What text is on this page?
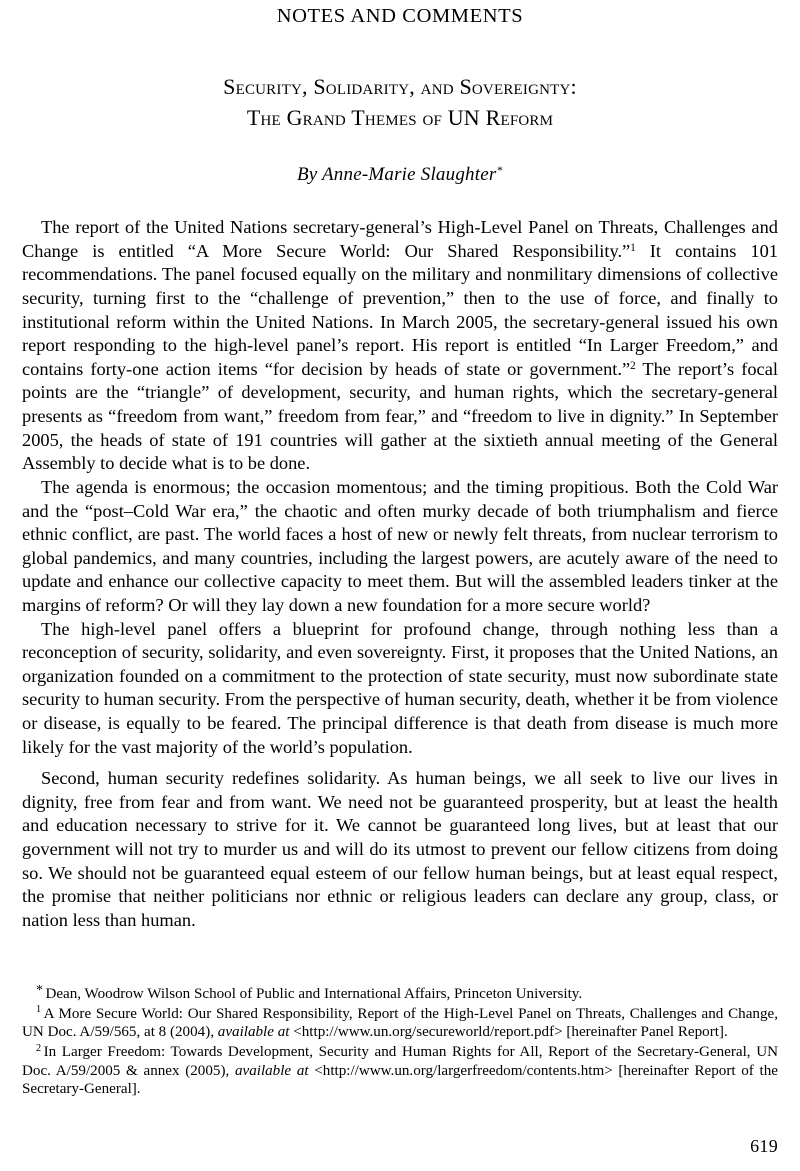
NOTES AND COMMENTS
Security, Solidarity, and Sovereignty:
The Grand Themes of UN Reform
By Anne-Marie Slaughter*

The report of the United Nations secretary-general’s High-Level Panel on Threats, Challenges and Change is entitled “A More Secure World: Our Shared Responsibility.”$^1$ It contains 101 recommendations. The panel focused equally on the military and nonmilitary dimensions of collective security, turning first to the “challenge of prevention,” then to the use of force, and finally to institutional reform within the United Nations. In March 2005, the secretary-general issued his own report responding to the high-level panel’s report. His report is entitled “In Larger Freedom,” and contains forty-one action items “for decision by heads of state or government.”$^2$ The report’s focal points are the “triangle” of development, security, and human rights, which the secretary-general presents as “freedom from want,” freedom from fear,” and “freedom to live in dignity.” In September 2005, the heads of state of 191 countries will gather at the sixtieth annual meeting of the General Assembly to decide what is to be done.

The agenda is enormous; the occasion momentous; and the timing propitious. Both the Cold War and the “post–Cold War era,” the chaotic and often murky decade of both triumphalism and fierce ethnic conflict, are past. The world faces a host of new or newly felt threats, from nuclear terrorism to global pandemics, and many countries, including the largest powers, are acutely aware of the need to update and enhance our collective capacity to meet them. But will the assembled leaders tinker at the margins of reform? Or will they lay down a new foundation for a more secure world?

The high-level panel offers a blueprint for profound change, through nothing less than a reconception of security, solidarity, and even sovereignty. First, it proposes that the United Nations, an organization founded on a commitment to the protection of state security, must now subordinate state security to human security. From the perspective of human security, death, whether it be from violence or disease, is equally to be feared. The principal difference is that death from disease is much more likely for the vast majority of the world’s population.

Second, human security redefines solidarity. As human beings, we all seek to live our lives in dignity, free from fear and from want. We need not be guaranteed prosperity, but at least the health and education necessary to strive for it. We cannot be guaranteed long lives, but at least that our government will not try to murder us and will do its utmost to prevent our fellow citizens from doing so. We should not be guaranteed equal esteem of our fellow human beings, but at least equal respect, the promise that neither politicians nor ethnic or religious leaders can declare any group, class, or nation less than human.

* Dean, Woodrow Wilson School of Public and International Affairs, Princeton University.

$^1$ A More Secure World: Our Shared Responsibility, Report of the High-Level Panel on Threats, Challenges and Change, UN Doc. A/59/565, at 8 (2004), available at <http://www.un.org/secureworld/report.pdf> [hereinafter Panel Report].

$^2$ In Larger Freedom: Towards Development, Security and Human Rights for All, Report of the Secretary-General, UN Doc. A/59/2005 & annex (2005), available at <http://www.un.org/largerfreedom/contents.htm> [hereinafter Report of the Secretary-General].

619
